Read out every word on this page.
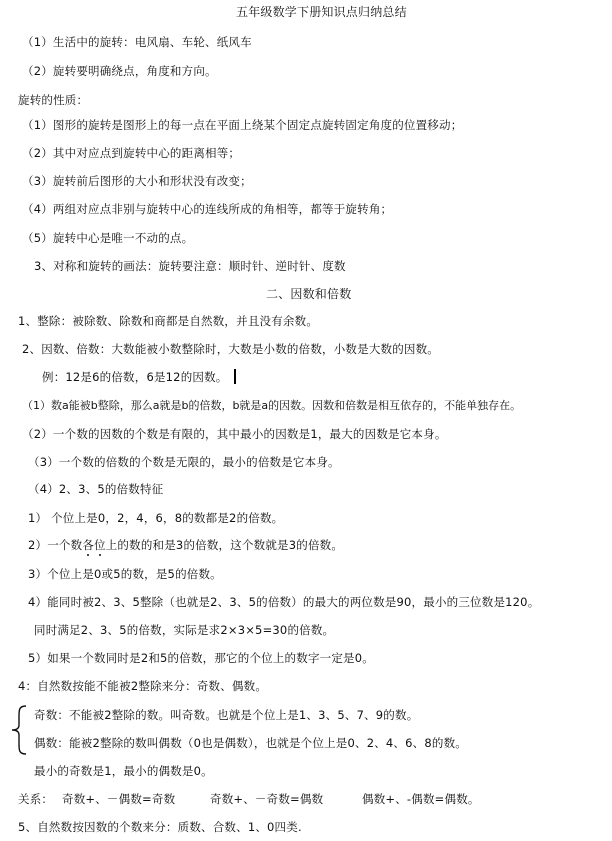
五年级数学下册知识点归纳总结
（1）生活中的旋转：电风扇、车轮、纸风车
（2）旋转要明确绕点，角度和方向。
旋转的性质：
（1）图形的旋转是图形上的每一点在平面上绕某个固定点旋转固定角度的位置移动；
（2）其中对应点到旋转中心的距离相等；
（3）旋转前后图形的大小和形状没有改变；
（4）两组对应点非别与旋转中心的连线所成的角相等，都等于旋转角；
（5）旋转中心是唯一不动的点。
3、对称和旋转的画法：旋转要注意：顺时针、逆时针、度数
二、因数和倍数
1、整除：被除数、除数和商都是自然数，并且没有余数。
2、因数、倍数：大数能被小数整除时，大数是小数的倍数，小数是大数的因数。
例：12是6的倍数，6是12的因数。
（1）数a能被b整除，那么a就是b的倍数，b就是a的因数。因数和倍数是相互依存的，不能单独存在。
（2）一个数的因数的个数是有限的，其中最小的因数是1，最大的因数是它本身。
（3）一个数的倍数的个数是无限的，最小的倍数是它本身。
（4）2、3、5的倍数特征
1） 个位上是0，2，4，6，8的数都是2的倍数。
2）一个数各位上的数的和是3的倍数，这个数就是3的倍数。
3）个位上是0或5的数，是5的倍数。
4）能同时被2、3、5整除（也就是2、3、5的倍数）的最大的两位数是90，最小的三位数是120。
同时满足2、3、5的倍数，实际是求2×3×5=30的倍数。
5）如果一个数同时是2和5的倍数，那它的个位上的数字一定是0。
4：自然数按能不能被2整除来分：奇数、偶数。
奇数：不能被2整除的数。叫奇数。也就是个位上是1、3、5、7、9的数。
偶数：能被2整除的数叫偶数（0也是偶数），也就是个位上是0、2、4、6、8的数。
最小的奇数是1，最小的偶数是0。
关系： 奇数+、－偶数=奇数	奇数+、－奇数=偶数	偶数+、-偶数=偶数。
5、自然数按因数的个数来分：质数、合数、1、0四类.
